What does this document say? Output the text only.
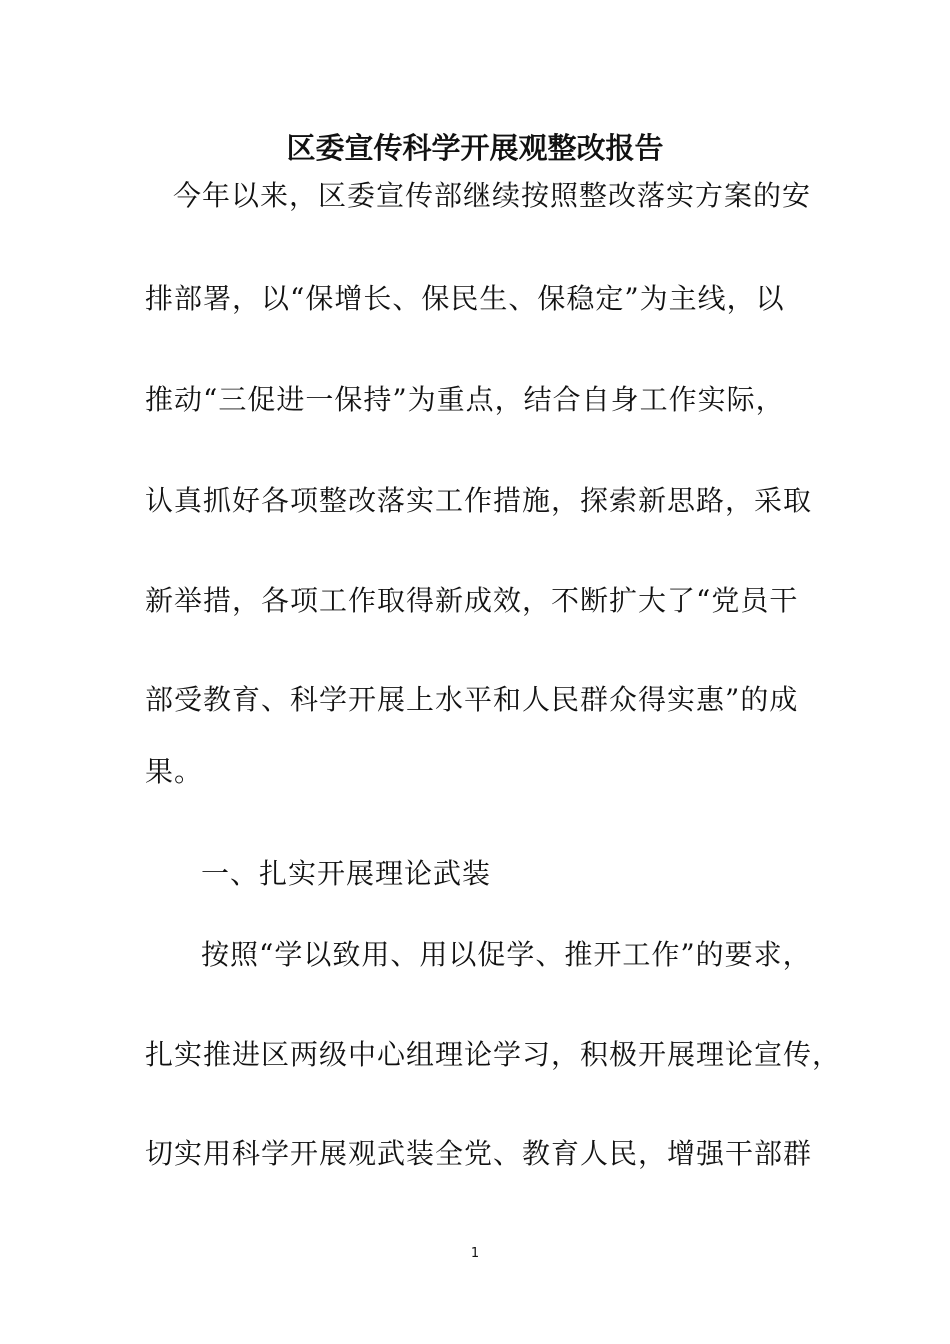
区委宣传科学开展观整改报告

今年以来，区委宣传部继续按照整改落实方案的安

排部署，以“保增长、保民生、保稳定”为主线，以

推动“三促进一保持”为重点，结合自身工作实际，

认真抓好各项整改落实工作措施，探索新思路，采取

新举措，各项工作取得新成效，不断扩大了“党员干

部受教育、科学开展上水平和人民群众得实惠”的成

果。

一、扎实开展理论武装

按照“学以致用、用以促学、推开工作”的要求，

扎实推进区两级中心组理论学习，积极开展理论宣传，

切实用科学开展观武装全党、教育人民，增强干部群

1
